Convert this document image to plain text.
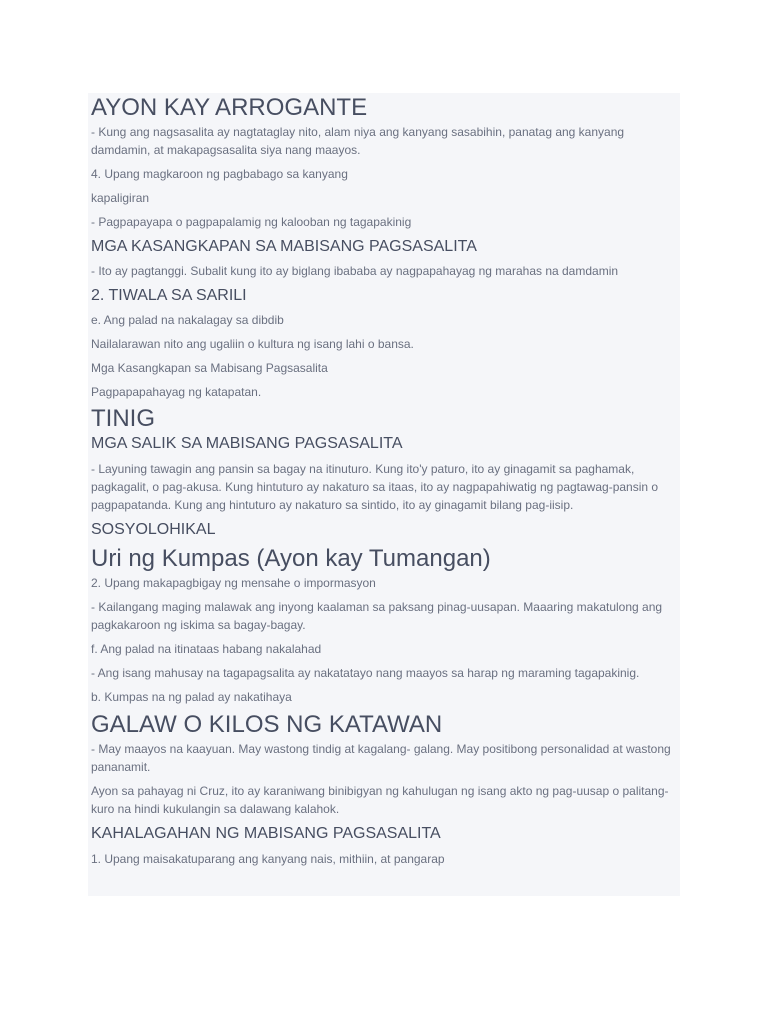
AYON KAY ARROGANTE

- Kung ang nagsasalita ay nagtataglay nito, alam niya ang kanyang sasabihin, panatag ang kanyang damdamin, at makapagsasalita siya nang maayos.

4. Upang magkaroon ng pagbabago sa kanyang

kapaligiran

- Pagpapayapa o pagpapalamig ng kalooban ng tagapakinig

MGA KASANGKAPAN SA MABISANG PAGSASALITA

- Ito ay pagtanggi. Subalit kung ito ay biglang ibababa ay nagpapahayag ng marahas na damdamin

2. TIWALA SA SARILI

e. Ang palad na nakalagay sa dibdib

Nailalarawan nito ang ugaliin o kultura ng isang lahi o bansa.

Mga Kasangkapan sa Mabisang Pagsasalita

Pagpapapahayag ng katapatan.

TINIG
MGA SALIK SA MABISANG PAGSASALITA

- Layuning tawagin ang pansin sa bagay na itinuturo. Kung ito'y paturo, ito ay ginagamit sa paghamak, pagkagalit, o pag-akusa. Kung hintuturo ay nakaturo sa itaas, ito ay nagpapahiwatig ng pagtawag-pansin o pagpapatanda. Kung ang hintuturo ay nakaturo sa sintido, ito ay ginagamit bilang pag-iisip.

SOSYOLOHIKAL
Uri ng Kumpas (Ayon kay Tumangan)

2. Upang makapagbigay ng mensahe o impormasyon

- Kailangang maging malawak ang inyong kaalaman sa paksang pinag-uusapan. Maaaring makatulong ang pagkakaroon ng iskima sa bagay-bagay.

f. Ang palad na itinataas habang nakalahad

- Ang isang mahusay na tagapagsalita ay nakatatayo nang maayos sa harap ng maraming tagapakinig.

b. Kumpas na ng palad ay nakatihaya

GALAW O KILOS NG KATAWAN

- May maayos na kaayuan. May wastong tindig at kagalang- galang. May positibong personalidad at wastong pananamit.

Ayon sa pahayag ni Cruz, ito ay karaniwang binibigyan ng kahulugan ng isang akto ng pag-uusap o palitang-kuro na hindi kukulangin sa dalawang kalahok.

KAHALAGAHAN NG MABISANG PAGSASALITA

1. Upang maisakatuparang ang kanyang nais, mithiin, at pangarap
